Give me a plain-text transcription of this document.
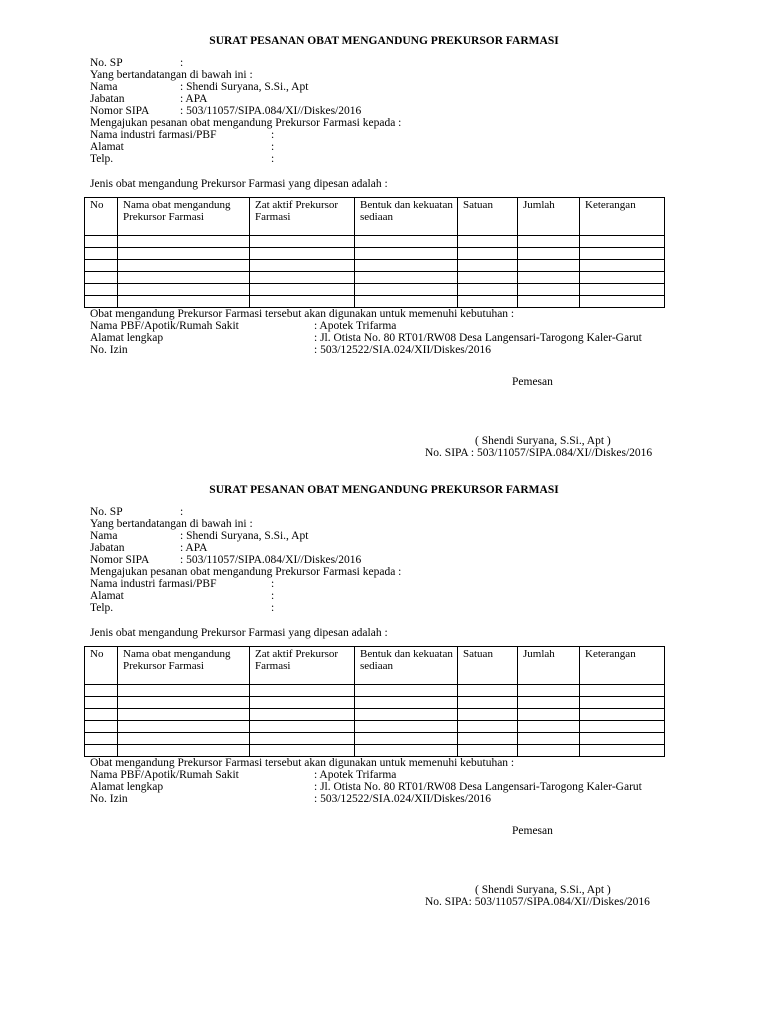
SURAT PESANAN OBAT MENGANDUNG PREKURSOR FARMASI
No. SP	:
Yang bertandatangan di bawah ini :
Nama	: Shendi Suryana, S.Si., Apt
Jabatan	: APA
Nomor SIPA	: 503/11057/SIPA.084/XI//Diskes/2016
Mengajukan pesanan obat mengandung Prekursor Farmasi kepada :
Nama industri farmasi/PBF	:
Alamat	:
Telp.	:
Jenis obat mengandung Prekursor Farmasi yang dipesan adalah :
No	Nama obat mengandung Prekursor Farmasi	Zat aktif Prekursor Farmasi	Bentuk dan kekuatan sediaan	Satuan	Jumlah	Keterangan

Obat mengandung Prekursor Farmasi tersebut akan digunakan untuk memenuhi kebutuhan :
Nama PBF/Apotik/Rumah Sakit	: Apotek Trifarma
Alamat lengkap	: Jl. Otista No. 80 RT01/RW08 Desa Langensari-Tarogong Kaler-Garut
No. Izin	: 503/12522/SIA.024/XII/Diskes/2016
Pemesan
( Shendi Suryana, S.Si., Apt )
No. SIPA : 503/11057/SIPA.084/XI//Diskes/2016
SURAT PESANAN OBAT MENGANDUNG PREKURSOR FARMASI
No. SP	:
Yang bertandatangan di bawah ini :
Nama	: Shendi Suryana, S.Si., Apt
Jabatan	: APA
Nomor SIPA	: 503/11057/SIPA.084/XI//Diskes/2016
Mengajukan pesanan obat mengandung Prekursor Farmasi kepada :
Nama industri farmasi/PBF	:
Alamat	:
Telp.	:
Jenis obat mengandung Prekursor Farmasi yang dipesan adalah :
No	Nama obat mengandung Prekursor Farmasi	Zat aktif Prekursor Farmasi	Bentuk dan kekuatan sediaan	Satuan	Jumlah	Keterangan

Obat mengandung Prekursor Farmasi tersebut akan digunakan untuk memenuhi kebutuhan :
Nama PBF/Apotik/Rumah Sakit	: Apotek Trifarma
Alamat lengkap	: Jl. Otista No. 80 RT01/RW08 Desa Langensari-Tarogong Kaler-Garut
No. Izin	: 503/12522/SIA.024/XII/Diskes/2016
Pemesan
( Shendi Suryana, S.Si., Apt )
No. SIPA: 503/11057/SIPA.084/XI//Diskes/2016
